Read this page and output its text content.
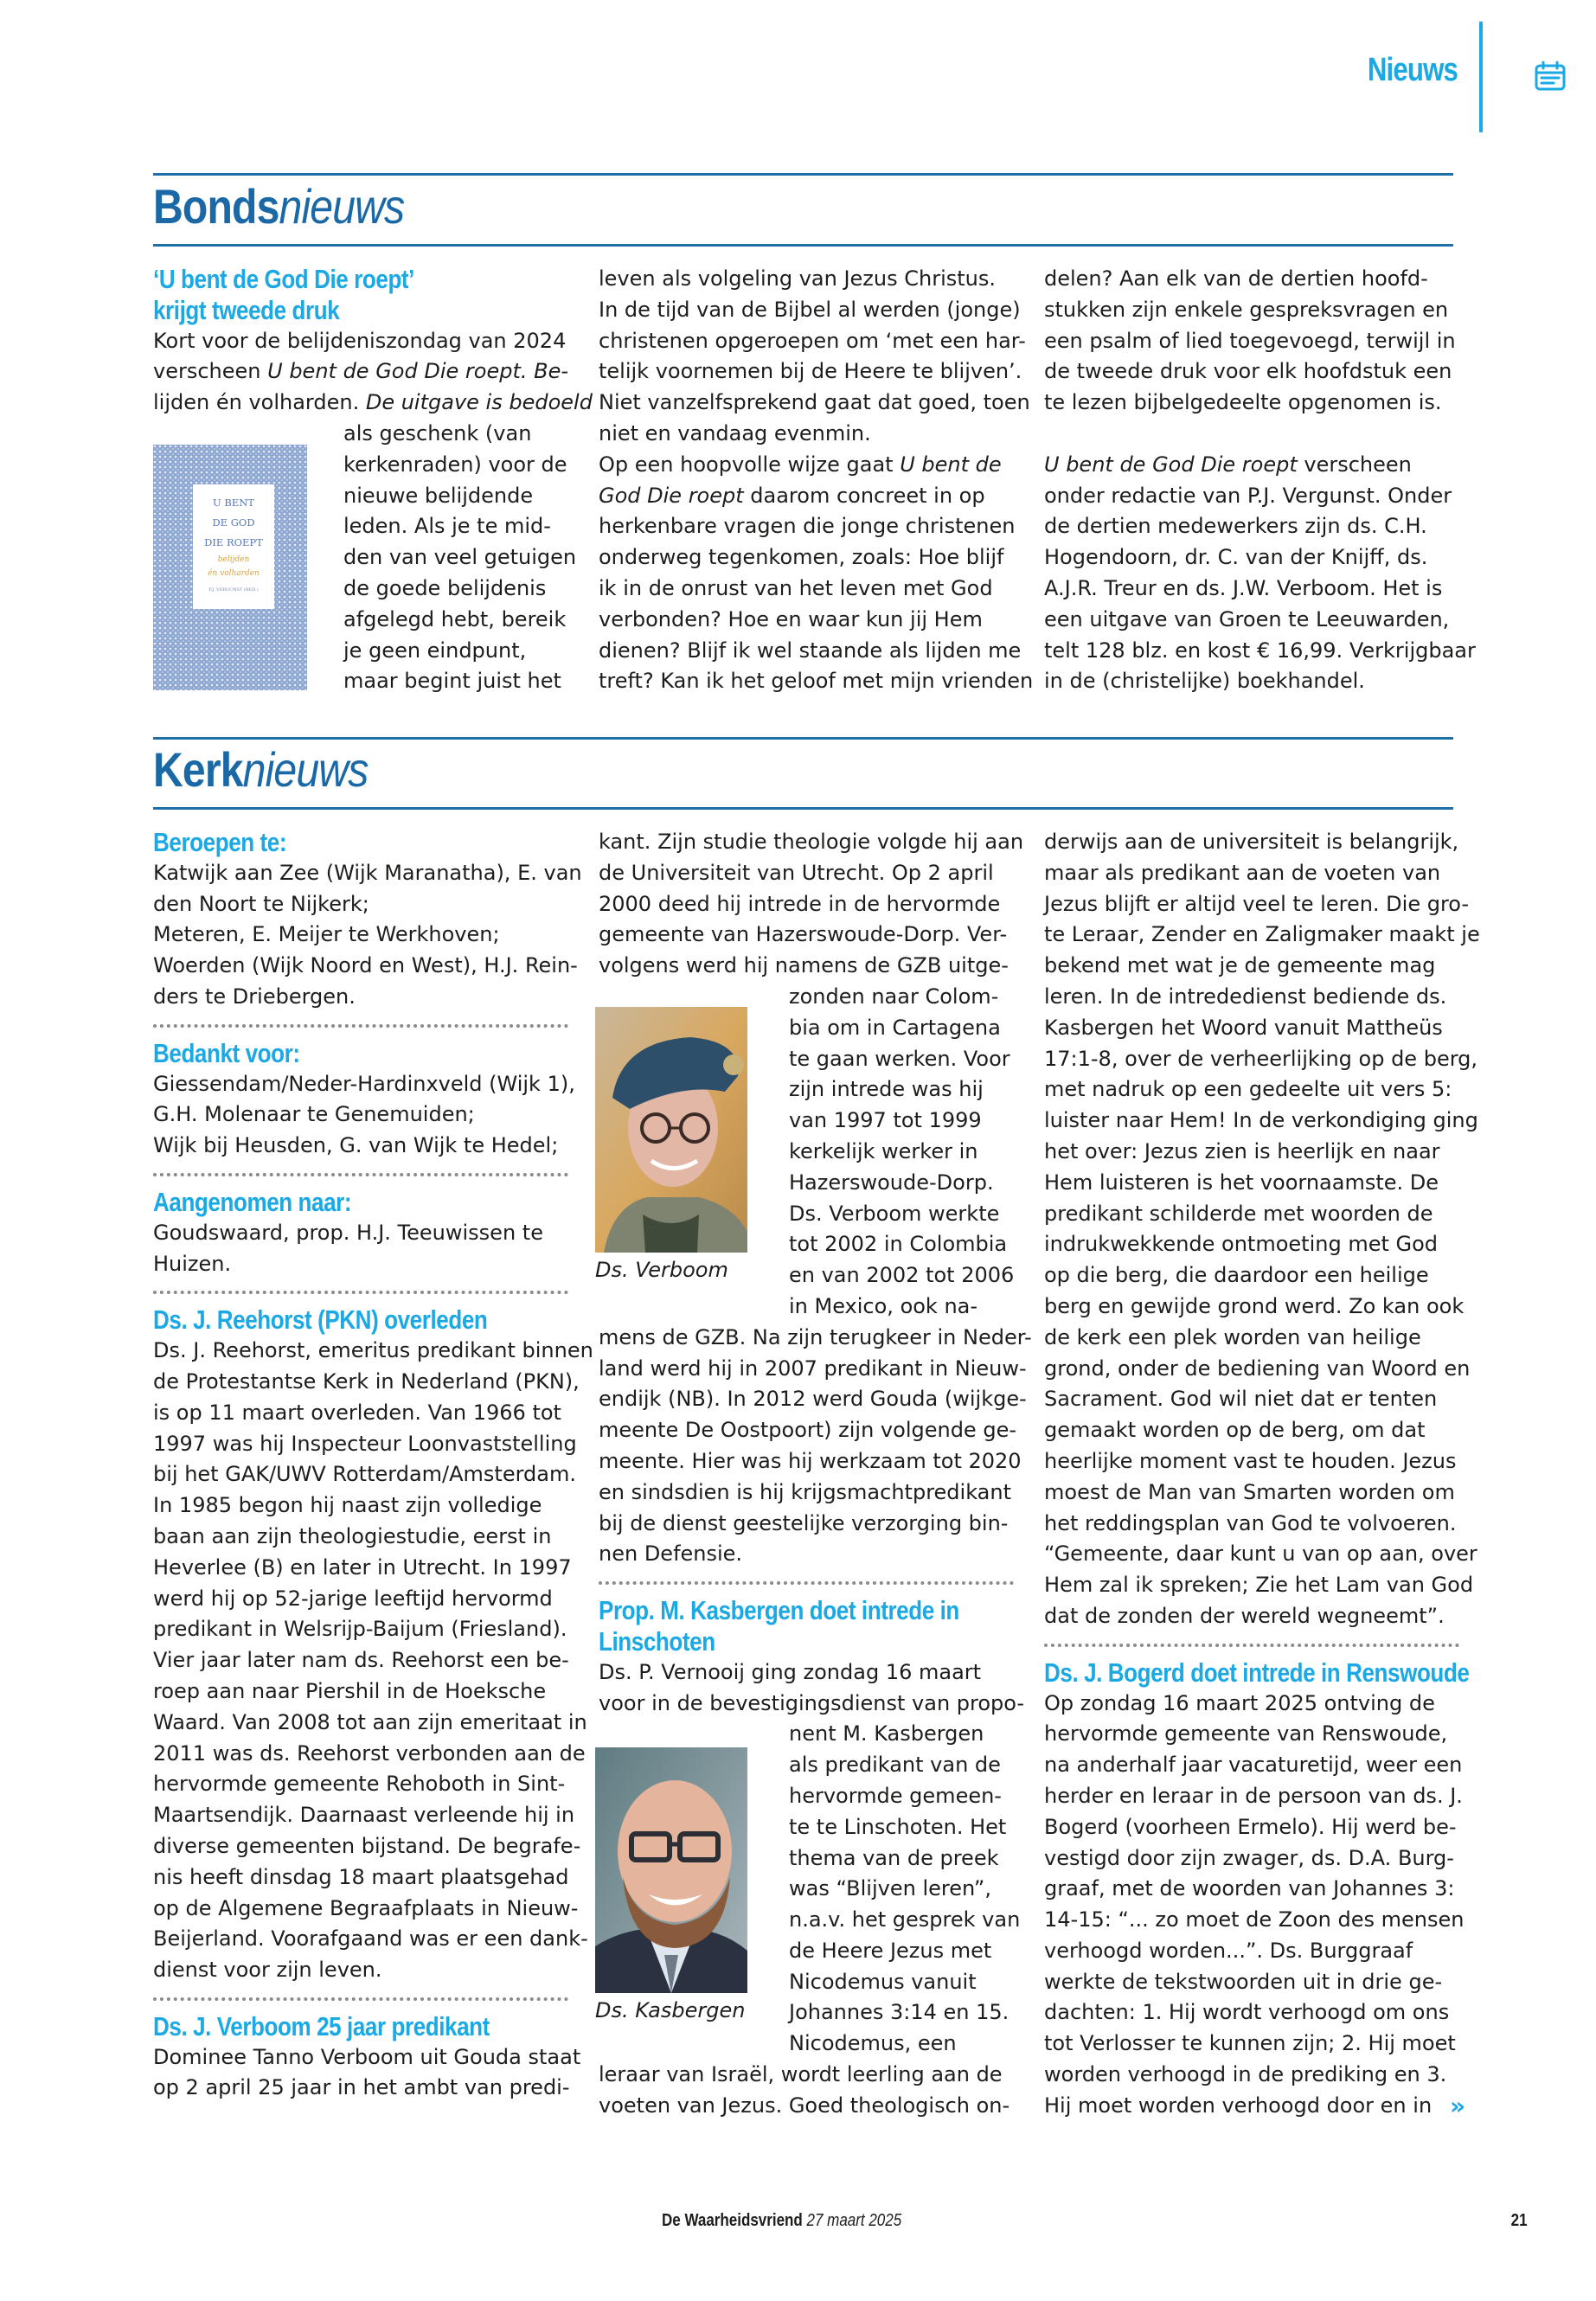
Nieuws
Bondsnieuws
‘U bent de God Die roept’
krijgt tweede druk
Kort voor de belijdeniszondag van 2024
verscheen U bent de God Die roept. Be-
lijden én volharden. De uitgave is bedoeld
als geschenk (van
kerkenraden) voor de
nieuwe belijdende
leden. Als je te mid-
den van veel getuigen
de goede belijdenis
afgelegd hebt, bereik
je geen eindpunt,
maar begint juist het
U BENT
DE GOD
DIE ROEPT
belijden
én volharden
P.J. VERGUNST (RED.)
leven als volgeling van Jezus Christus.
In de tijd van de Bijbel al werden (jonge)
christenen opgeroepen om ‘met een har-
telijk voornemen bij de Heere te blijven’.
Niet vanzelfsprekend gaat dat goed, toen
niet en vandaag evenmin.
Op een hoopvolle wijze gaat U bent de
God Die roept daarom concreet in op
herkenbare vragen die jonge christenen
onderweg tegenkomen, zoals: Hoe blijf
ik in de onrust van het leven met God
verbonden? Hoe en waar kun jij Hem
dienen? Blijf ik wel staande als lijden me
treft? Kan ik het geloof met mijn vrienden
delen? Aan elk van de dertien hoofd-
stukken zijn enkele gespreksvragen en
een psalm of lied toegevoegd, terwijl in
de tweede druk voor elk hoofdstuk een
te lezen bijbelgedeelte opgenomen is.
U bent de God Die roept verscheen
onder redactie van P.J. Vergunst. Onder
de dertien medewerkers zijn ds. C.H.
Hogendoorn, dr. C. van der Knijff, ds.
A.J.R. Treur en ds. J.W. Verboom. Het is
een uitgave van Groen te Leeuwarden,
telt 128 blz. en kost € 16,99. Verkrijgbaar
in de (christelijke) boekhandel.
Kerknieuws
Beroepen te:
Katwijk aan Zee (Wijk Maranatha), E. van
den Noort te Nijkerk;
Meteren, E. Meijer te Werkhoven;
Woerden (Wijk Noord en West), H.J. Rein-
ders te Driebergen.
Bedankt voor:
Giessendam/Neder-Hardinxveld (Wijk 1),
G.H. Molenaar te Genemuiden;
Wijk bij Heusden, G. van Wijk te Hedel;
Aangenomen naar:
Goudswaard, prop. H.J. Teeuwissen te
Huizen.
Ds. J. Reehorst (PKN) overleden
Ds. J. Reehorst, emeritus predikant binnen
de Protestantse Kerk in Nederland (PKN),
is op 11 maart overleden. Van 1966 tot
1997 was hij Inspecteur Loonvaststelling
bij het GAK/UWV Rotterdam/Amsterdam.
In 1985 begon hij naast zijn volledige
baan aan zijn theologiestudie, eerst in
Heverlee (B) en later in Utrecht. In 1997
werd hij op 52-jarige leeftijd hervormd
predikant in Welsrijp-Baijum (Friesland).
Vier jaar later nam ds. Reehorst een be-
roep aan naar Piershil in de Hoeksche
Waard. Van 2008 tot aan zijn emeritaat in
2011 was ds. Reehorst verbonden aan de
hervormde gemeente Rehoboth in Sint-
Maartsendijk. Daarnaast verleende hij in
diverse gemeenten bijstand. De begrafe-
nis heeft dinsdag 18 maart plaatsgehad
op de Algemene Begraafplaats in Nieuw-
Beijerland. Voorafgaand was er een dank-
dienst voor zijn leven.
Ds. J. Verboom 25 jaar predikant
Dominee Tanno Verboom uit Gouda staat
op 2 april 25 jaar in het ambt van predi-
kant. Zijn studie theologie volgde hij aan
de Universiteit van Utrecht. Op 2 april
2000 deed hij intrede in de hervormde
gemeente van Hazerswoude-Dorp. Ver-
volgens werd hij namens de GZB uitge-
zonden naar Colom-
bia om in Cartagena
te gaan werken. Voor
zijn intrede was hij
van 1997 tot 1999
kerkelijk werker in
Hazerswoude-Dorp.
Ds. Verboom werkte
tot 2002 in Colombia
en van 2002 tot 2006
in Mexico, ook na-
mens de GZB. Na zijn terugkeer in Neder-
land werd hij in 2007 predikant in Nieuw-
endijk (NB). In 2012 werd Gouda (wijkge-
meente De Oostpoort) zijn volgende ge-
meente. Hier was hij werkzaam tot 2020
en sindsdien is hij krijgsmachtpredikant
bij de dienst geestelijke verzorging bin-
nen Defensie.
Prop. M. Kasbergen doet intrede in
Linschoten
Ds. P. Vernooij ging zondag 16 maart
voor in de bevestigingsdienst van propo-
nent M. Kasbergen
als predikant van de
hervormde gemeen-
te te Linschoten. Het
thema van de preek
was “Blijven leren”,
n.a.v. het gesprek van
de Heere Jezus met
Nicodemus vanuit
Johannes 3:14 en 15.
Nicodemus, een
leraar van Israël, wordt leerling aan de
voeten van Jezus. Goed theologisch on-
Ds. Verboom
Ds. Kasbergen
derwijs aan de universiteit is belangrijk,
maar als predikant aan de voeten van
Jezus blijft er altijd veel te leren. Die gro-
te Leraar, Zender en Zaligmaker maakt je
bekend met wat je de gemeente mag
leren. In de intrededienst bediende ds.
Kasbergen het Woord vanuit Mattheüs
17:1-8, over de verheerlijking op de berg,
met nadruk op een gedeelte uit vers 5:
luister naar Hem! In de verkondiging ging
het over: Jezus zien is heerlijk en naar
Hem luisteren is het voornaamste. De
predikant schilderde met woorden de
indrukwekkende ontmoeting met God
op die berg, die daardoor een heilige
berg en gewijde grond werd. Zo kan ook
de kerk een plek worden van heilige
grond, onder de bediening van Woord en
Sacrament. God wil niet dat er tenten
gemaakt worden op de berg, om dat
heerlijke moment vast te houden. Jezus
moest de Man van Smarten worden om
het reddingsplan van God te volvoeren.
“Gemeente, daar kunt u van op aan, over
Hem zal ik spreken; Zie het Lam van God
dat de zonden der wereld wegneemt”.
Ds. J. Bogerd doet intrede in Renswoude
Op zondag 16 maart 2025 ontving de
hervormde gemeente van Renswoude,
na anderhalf jaar vacaturetijd, weer een
herder en leraar in de persoon van ds. J.
Bogerd (voorheen Ermelo). Hij werd be-
vestigd door zijn zwager, ds. D.A. Burg-
graaf, met de woorden van Johannes 3:
14-15: “... zo moet de Zoon des mensen
verhoogd worden...”. Ds. Burggraaf
werkte de tekstwoorden uit in drie ge-
dachten: 1. Hij wordt verhoogd om ons
tot Verlosser te kunnen zijn; 2. Hij moet
worden verhoogd in de prediking en 3.
Hij moet worden verhoogd door en in »
De Waarheidsvriend 27 maart 2025	21
